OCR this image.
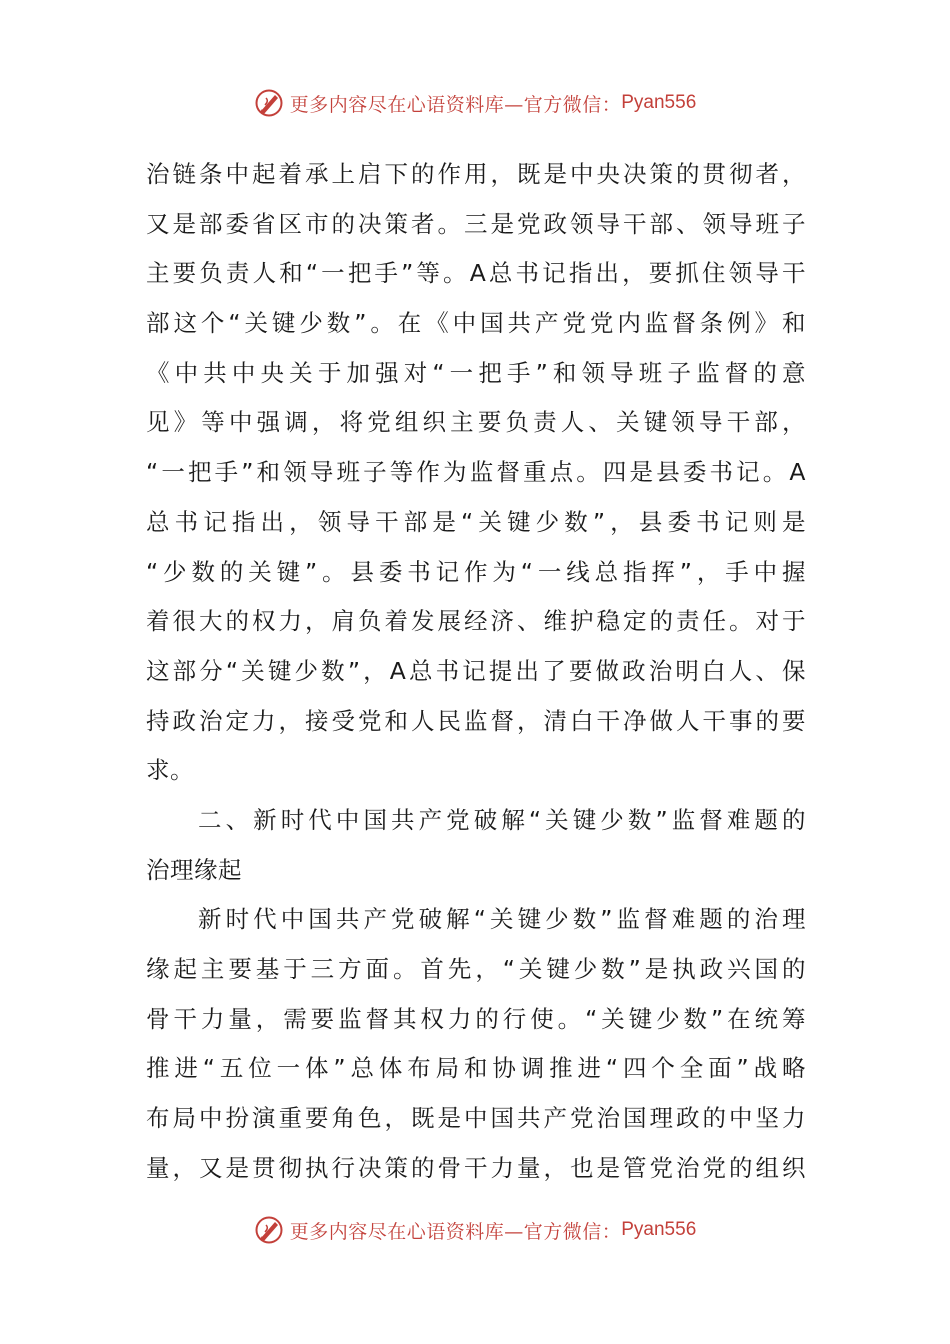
更多内容尽在心语资料库—官方微信： Pyan556
治链条中起着承上启下的作用，既是中央决策的贯彻者，
又是部委省区市的决策者。三是党政领导干部、领导班子
主要负责人和“一把手”等。A总书记指出，要抓住领导干
部这个“关键少数”。在《中国共产党党内监督条例》和
《中共中央关于加强对“一把手”和领导班子监督的意
见》等中强调，将党组织主要负责人、关键领导干部，
“一把手”和领导班子等作为监督重点。四是县委书记。A
总书记指出，领导干部是“关键少数”，县委书记则是
“少数的关键”。县委书记作为“一线总指挥”，手中握
着很大的权力，肩负着发展经济、维护稳定的责任。对于
这部分“关键少数”，A总书记提出了要做政治明白人、保
持政治定力，接受党和人民监督，清白干净做人干事的要
求。
二、新时代中国共产党破解“关键少数”监督难题的
治理缘起
新时代中国共产党破解“关键少数”监督难题的治理
缘起主要基于三方面。首先，“关键少数”是执政兴国的
骨干力量，需要监督其权力的行使。“关键少数”在统筹
推进“五位一体”总体布局和协调推进“四个全面”战略
布局中扮演重要角色，既是中国共产党治国理政的中坚力
量，又是贯彻执行决策的骨干力量，也是管党治党的组织
更多内容尽在心语资料库—官方微信： Pyan556
